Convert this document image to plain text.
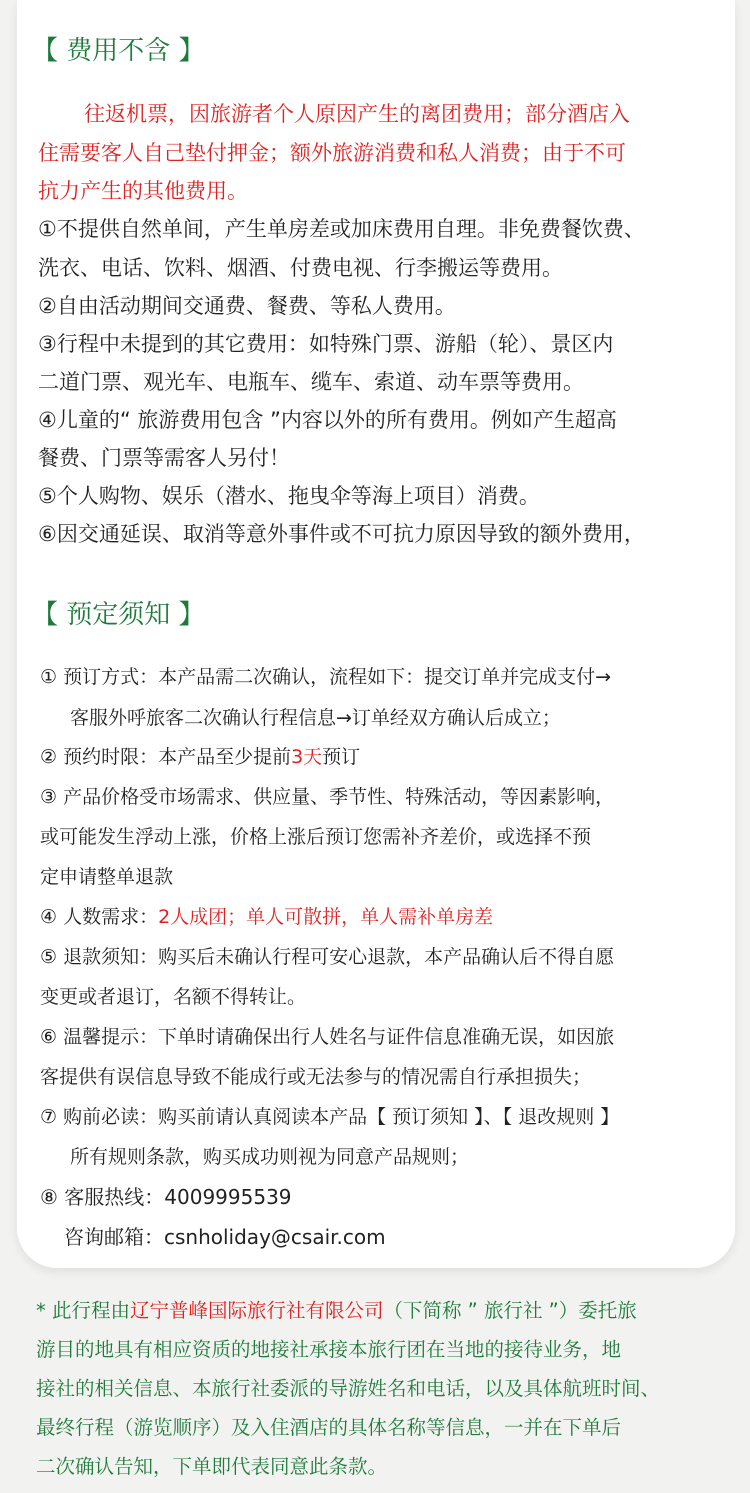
【 费用不含 】
往返机票，因旅游者个人原因产生的离团费用；部分酒店入
住需要客人自己垫付押金；额外旅游消费和私人消费；由于不可
抗力产生的其他费用。
①不提供自然单间，产生单房差或加床费用自理。非免费餐饮费、
洗衣、电话、饮料、烟酒、付费电视、行李搬运等费用。
②自由活动期间交通费、餐费、等私人费用。
③行程中未提到的其它费用：如特殊门票、游船（轮）、景区内
二道门票、观光车、电瓶车、缆车、索道、动车票等费用。
④儿童的“ 旅游费用包含 ”内容以外的所有费用。例如产生超高
餐费、门票等需客人另付！
⑤个人购物、娱乐（潜水、拖曳伞等海上项目）消费。
⑥因交通延误、取消等意外事件或不可抗力原因导致的额外费用，
【 预定须知 】
① 预订方式：本产品需二次确认，流程如下：提交订单并完成支付→
客服外呼旅客二次确认行程信息→订单经双方确认后成立；
② 预约时限：本产品至少提前3天预订
③ 产品价格受市场需求、供应量、季节性、特殊活动，等因素影响，
或可能发生浮动上涨，价格上涨后预订您需补齐差价，或选择不预
定申请整单退款
④ 人数需求：2人成团；单人可散拼，单人需补单房差
⑤ 退款须知：购买后未确认行程可安心退款，本产品确认后不得自愿
变更或者退订，名额不得转让。
⑥ 温馨提示：下单时请确保出行人姓名与证件信息准确无误，如因旅
客提供有误信息导致不能成行或无法参与的情况需自行承担损失；
⑦ 购前必读：购买前请认真阅读本产品【 预订须知 】、【 退改规则 】
所有规则条款，购买成功则视为同意产品规则；
⑧ 客服热线：4009995539
咨询邮箱：csnholiday@csair.com
* 此行程由辽宁普峰国际旅行社有限公司（下简称 ” 旅行社 ”）委托旅
游目的地具有相应资质的地接社承接本旅行团在当地的接待业务，地
接社的相关信息、本旅行社委派的导游姓名和电话，以及具体航班时间、
最终行程（游览顺序）及入住酒店的具体名称等信息，一并在下单后
二次确认告知，下单即代表同意此条款。
